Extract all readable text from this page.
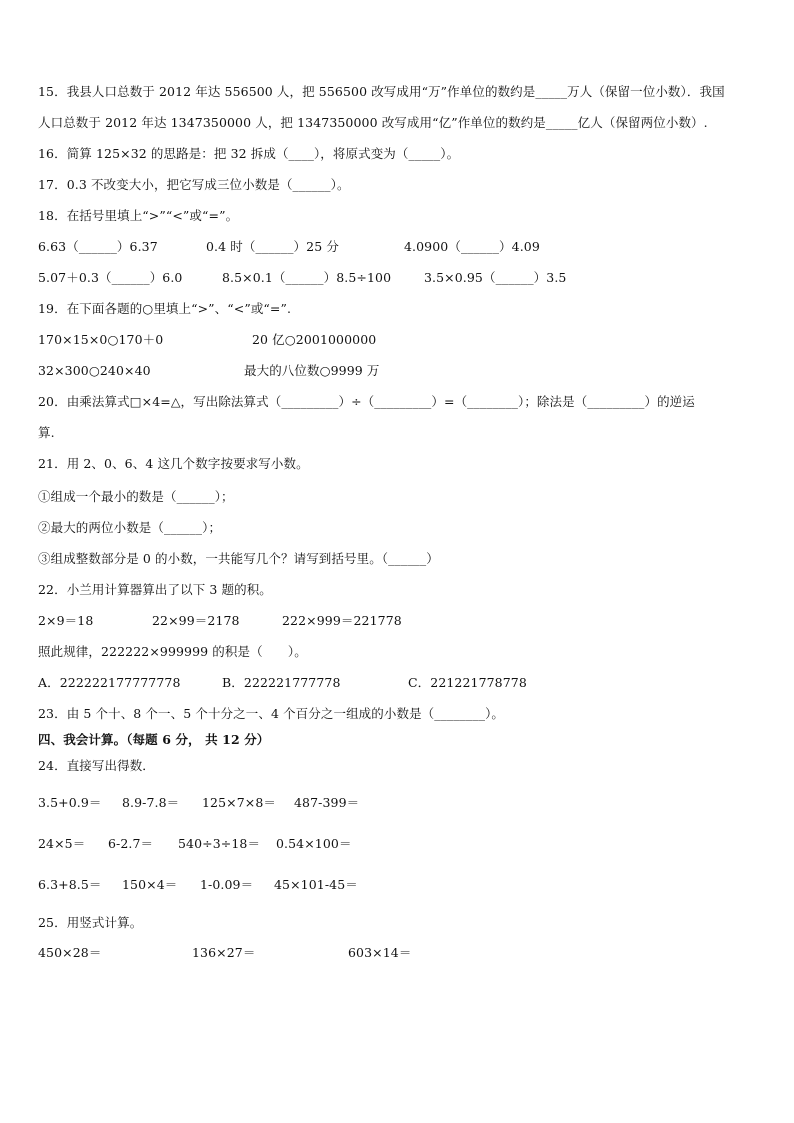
15．我县人口总数于 2012 年达 556500 人，把 556500 改写成用“万”作单位的数约是_____万人（保留一位小数）．我国
人口总数于 2012 年达 1347350000 人，把 1347350000 改写成用“亿”作单位的数约是_____亿人（保留两位小数）.
16．简算 125×32 的思路是：把 32 拆成（____），将原式变为（_____）。
17．0.3 不改变大小，把它写成三位小数是（______）。
18．在括号里填上“>”“<”或“=”。
6.63（______）6.37	0.4 时（______）25 分	4.0900（______）4.09
5.07＋0.3（______）6.0	8.5×0.1（______）8.5÷100	3.5×0.95（______）3.5
19．在下面各题的○里填上“>”、“<”或“=”.
170×15×0○170＋0	20 亿○2001000000
32×300○240×40	最大的八位数○9999 万
20．由乘法算式□×4=△，写出除法算式（_________）÷（_________）=（________）；除法是（_________）的逆运
算.
21．用 2、0、6、4 这几个数字按要求写小数。
①组成一个最小的数是（______）；
②最大的两位小数是（______）；
③组成整数部分是 0 的小数，一共能写几个？请写到括号里。（______）
22．小兰用计算器算出了以下 3 题的积。
2×9＝18	22×99＝2178	222×999＝221778
照此规律，222222×999999 的积是（　　）。
A．222222177777778	B．222221777778	C．221221778778
23．由 5 个十、8 个一、5 个十分之一、4 个百分之一组成的小数是（________）。
四、我会计算。（每题 6 分， 共 12 分）
24．直接写出得数．
3.5+0.9＝ 8.9-7.8＝ 125×7×8＝ 487-399＝
24×5＝ 6-2.7＝ 540÷3÷18＝ 0.54×100＝
6.3+8.5＝ 150×4＝ 1-0.09＝ 45×101-45＝
25．用竖式计算。
450×28＝	136×27＝	603×14＝
